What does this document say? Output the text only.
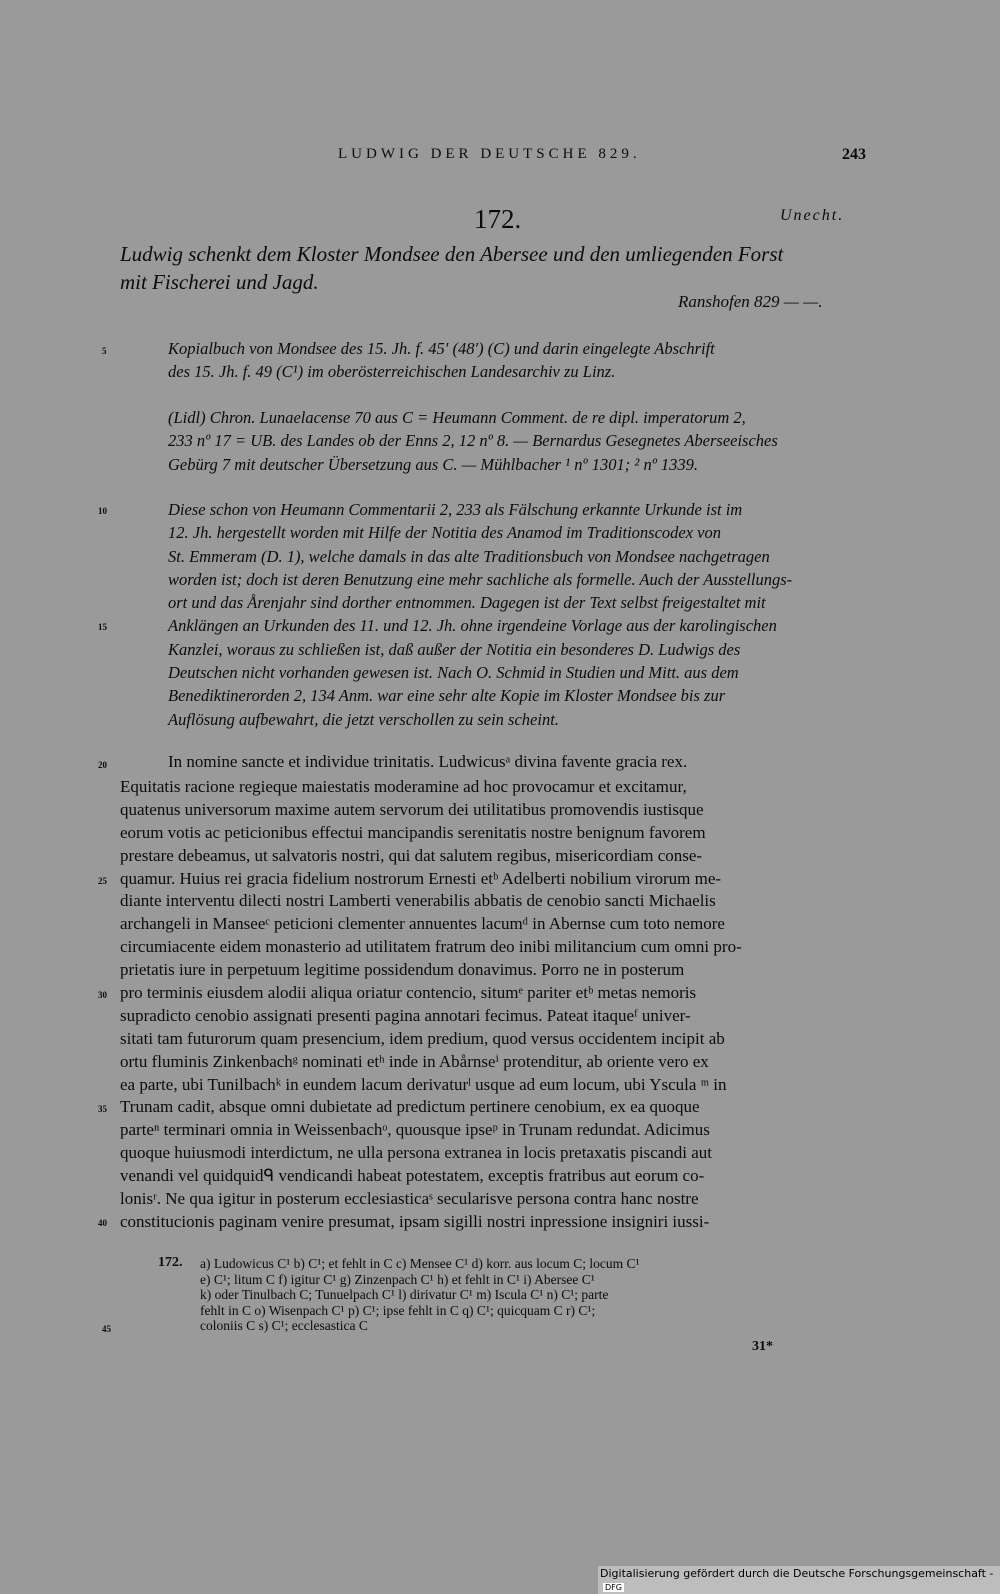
LUDWIG DER DEUTSCHE 829.	243
172.	Unecht.
Ludwig schenkt dem Kloster Mondsee den Abersee und den umliegenden Forst
mit Fischerei und Jagd.
Ranshofen 829 — —.
5
10
15
20
25
30
35
40
45
Kopialbuch von Mondsee des 15. Jh. f. 45′ (48′) (C) und darin eingelegte Abschrift
des 15. Jh. f. 49 (C¹) im oberösterreichischen Landesarchiv zu Linz.
(Lidl) Chron. Lunaelacense 70 aus C = Heumann Comment. de re dipl. imperatorum 2,
233 nº 17 = UB. des Landes ob der Enns 2, 12 nº 8. — Bernardus Gesegnetes Aberseeisches
Gebürg 7 mit deutscher Übersetzung aus C. — Mühlbacher ¹ nº 1301; ² nº 1339.
Diese schon von Heumann Commentarii 2, 233 als Fälschung erkannte Urkunde ist im
12. Jh. hergestellt worden mit Hilfe der Notitia des Anamod im Traditionscodex von
St. Emmeram (D. 1), welche damals in das alte Traditionsbuch von Mondsee nachgetragen
worden ist; doch ist deren Benutzung eine mehr sachliche als formelle. Auch der Ausstellungs-
ort und das Årenjahr sind dorther entnommen. Dagegen ist der Text selbst freigestaltet mit
Anklängen an Urkunden des 11. und 12. Jh. ohne irgendeine Vorlage aus der karolingischen
Kanzlei, woraus zu schließen ist, daß außer der Notitia ein besonderes D. Ludwigs des
Deutschen nicht vorhanden gewesen ist. Nach O. Schmid in Studien und Mitt. aus dem
Benediktinerorden 2, 134 Anm. war eine sehr alte Kopie im Kloster Mondsee bis zur
Auflösung aufbewahrt, die jetzt verschollen zu sein scheint.
In nomine sancte et individue trinitatis. Ludwicusᵃ divina favente gracia rex.
Equitatis racione regieque maiestatis moderamine ad hoc provocamur et excitamur,
quatenus universorum maxime autem servorum dei utilitatibus promovendis iustisque
eorum votis ac peticionibus effectui mancipandis serenitatis nostre benignum favorem
prestare debeamus, ut salvatoris nostri, qui dat salutem regibus, misericordiam conse-
quamur. Huius rei gracia fidelium nostrorum Ernesti etᵇ Adelberti nobilium virorum me-
diante interventu dilecti nostri Lamberti venerabilis abbatis de cenobio sancti Michaelis
archangeli in Manseeᶜ peticioni clementer annuentes lacumᵈ in Abernse cum toto nemore
circumiacente eidem monasterio ad utilitatem fratrum deo inibi militancium cum omni pro-
prietatis iure in perpetuum legitime possidendum donavimus. Porro ne in posterum
pro terminis eiusdem alodii aliqua oriatur contencio, situmᵉ pariter etᵇ metas nemoris
supradicto cenobio assignati presenti pagina annotari fecimus. Pateat itaqueᶠ univer-
sitati tam futurorum quam presencium, idem predium, quod versus occidentem incipit ab
ortu fluminis Zinkenbachᵍ nominati etʰ inde in Abårnseⁱ protenditur, ab oriente vero ex
ea parte, ubi Tunilbachᵏ in eundem lacum derivaturˡ usque ad eum locum, ubi Yscula ᵐ in
Trunam cadit, absque omni dubietate ad predictum pertinere cenobium, ex ea quoque
parteⁿ terminari omnia in Weissenbachᵒ, quousque ipseᵖ in Trunam redundat. Adicimus
quoque huiusmodi interdictum, ne ulla persona extranea in locis pretaxatis piscandi aut
venandi vel quidquidᑫ vendicandi habeat potestatem, exceptis fratribus aut eorum co-
lonisʳ. Ne qua igitur in posterum ecclesiasticaˢ secularisve persona contra hanc nostre
constitucionis paginam venire presumat, ipsam sigilli nostri inpressione insigniri iussi-
172. a) Ludowicus C¹ b) C¹; et fehlt in C c) Mensee C¹ d) korr. aus locum C; locum C¹
e) C¹; litum C f) igitur C¹ g) Zinzenpach C¹ h) et fehlt in C¹ i) Abersee C¹
k) oder Tinulbach C; Tunuelpach C¹ l) dirivatur C¹ m) Iscula C¹ n) C¹; parte
fehlt in C o) Wisenpach C¹ p) C¹; ipse fehlt in C q) C¹; quicquam C r) C¹;
coloniis C s) C¹; ecclesastica C
31*
Digitalisierung gefördert durch die Deutsche Forschungsgemeinschaft -DFG
